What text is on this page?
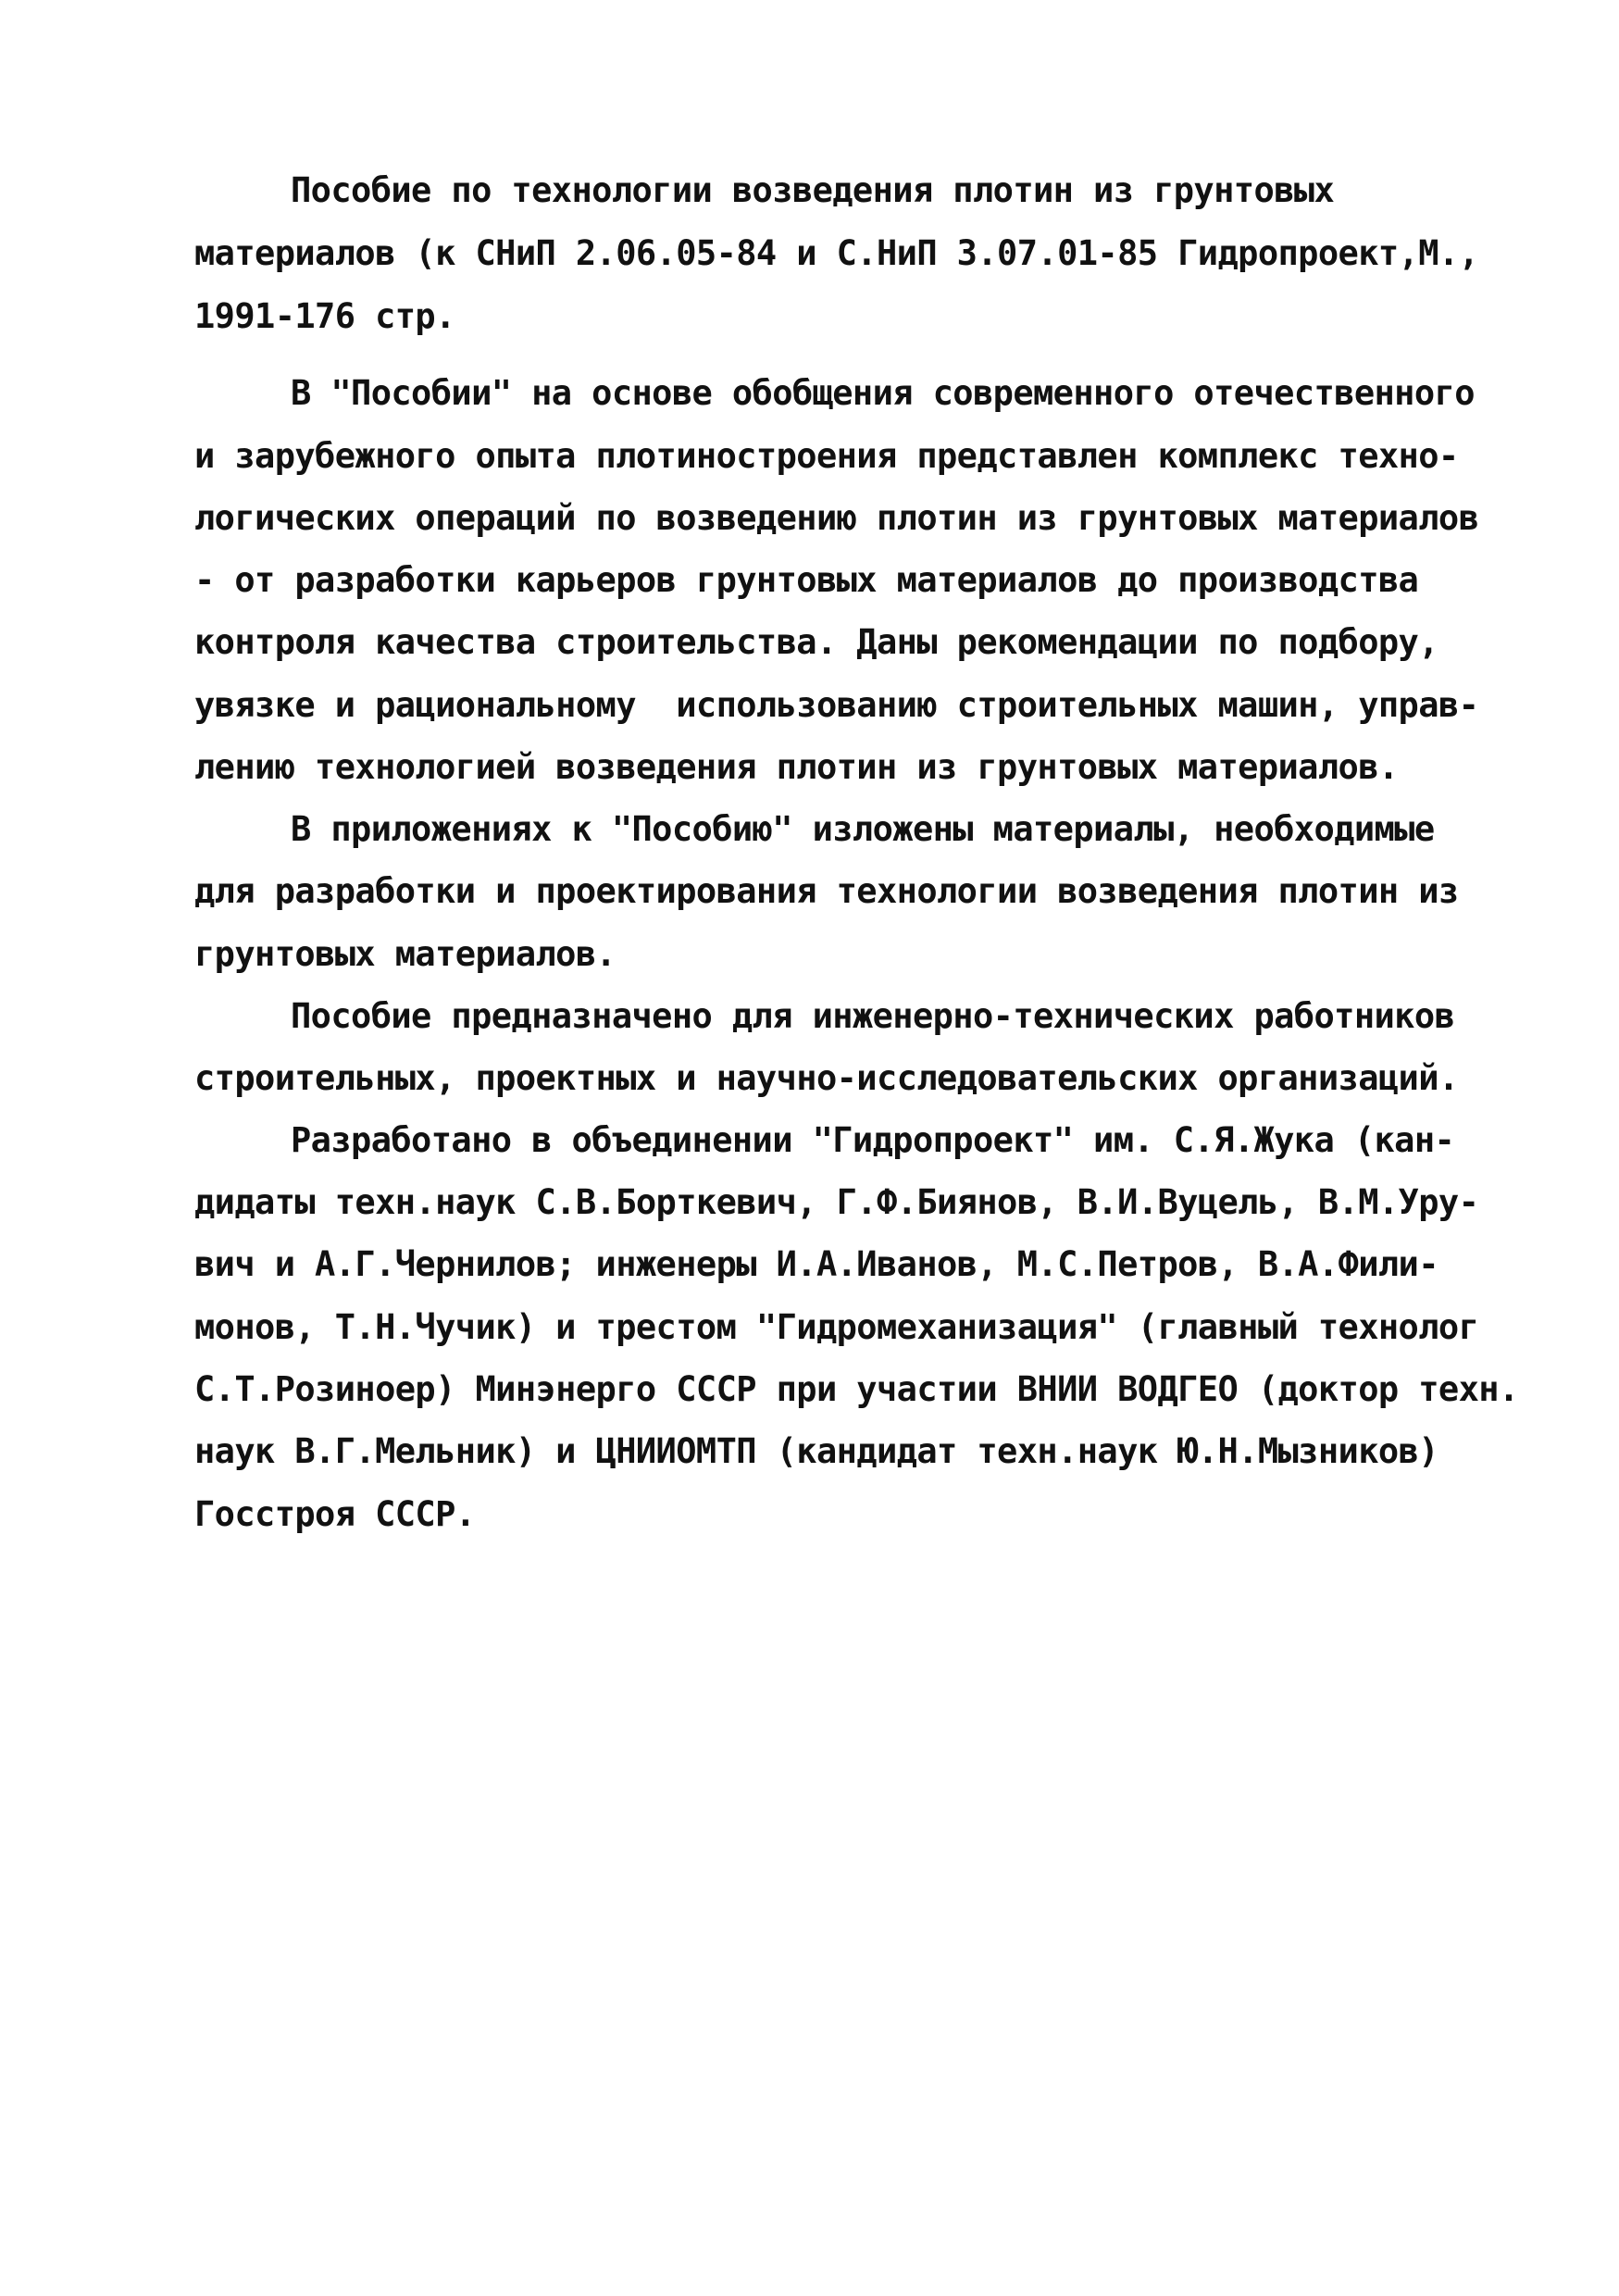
Пособие по технологии возведения плотин из грунтовых
материалов (к СНиП 2.06.05-84 и С.НиП 3.07.01-85 Гидропроект,М.,
1991-176 стр.
В "Пособии" на основе обобщения современного отечественного
и зарубежного опыта плотиностроения представлен комплекс техно-
логических операций по возведению плотин из грунтовых материалов
- от разработки карьеров грунтовых материалов до производства
контроля качества строительства. Даны рекомендации по подбору,
увязке и рациональному  использованию строительных машин, управ-
лению технологией возведения плотин из грунтовых материалов.
В приложениях к "Пособию" изложены материалы, необходимые
для разработки и проектирования технологии возведения плотин из
грунтовых материалов.
Пособие предназначено для инженерно-технических работников
строительных, проектных и научно-исследовательских организаций.
Разработано в объединении "Гидропроект" им. С.Я.Жука (кан-
дидаты техн.наук С.В.Борткевич, Г.Ф.Биянов, В.И.Вуцель, В.М.Уру-
вич и А.Г.Чернилов; инженеры И.А.Иванов, М.С.Петров, В.А.Фили-
монов, Т.Н.Чучик) и трестом "Гидромеханизация" (главный технолог
С.Т.Розиноер) Минэнерго СССР при участии ВНИИ ВОДГЕО (доктор техн.
наук В.Г.Мельник) и ЦНИИОМТП (кандидат техн.наук Ю.Н.Мызников)
Госстроя СССР.
